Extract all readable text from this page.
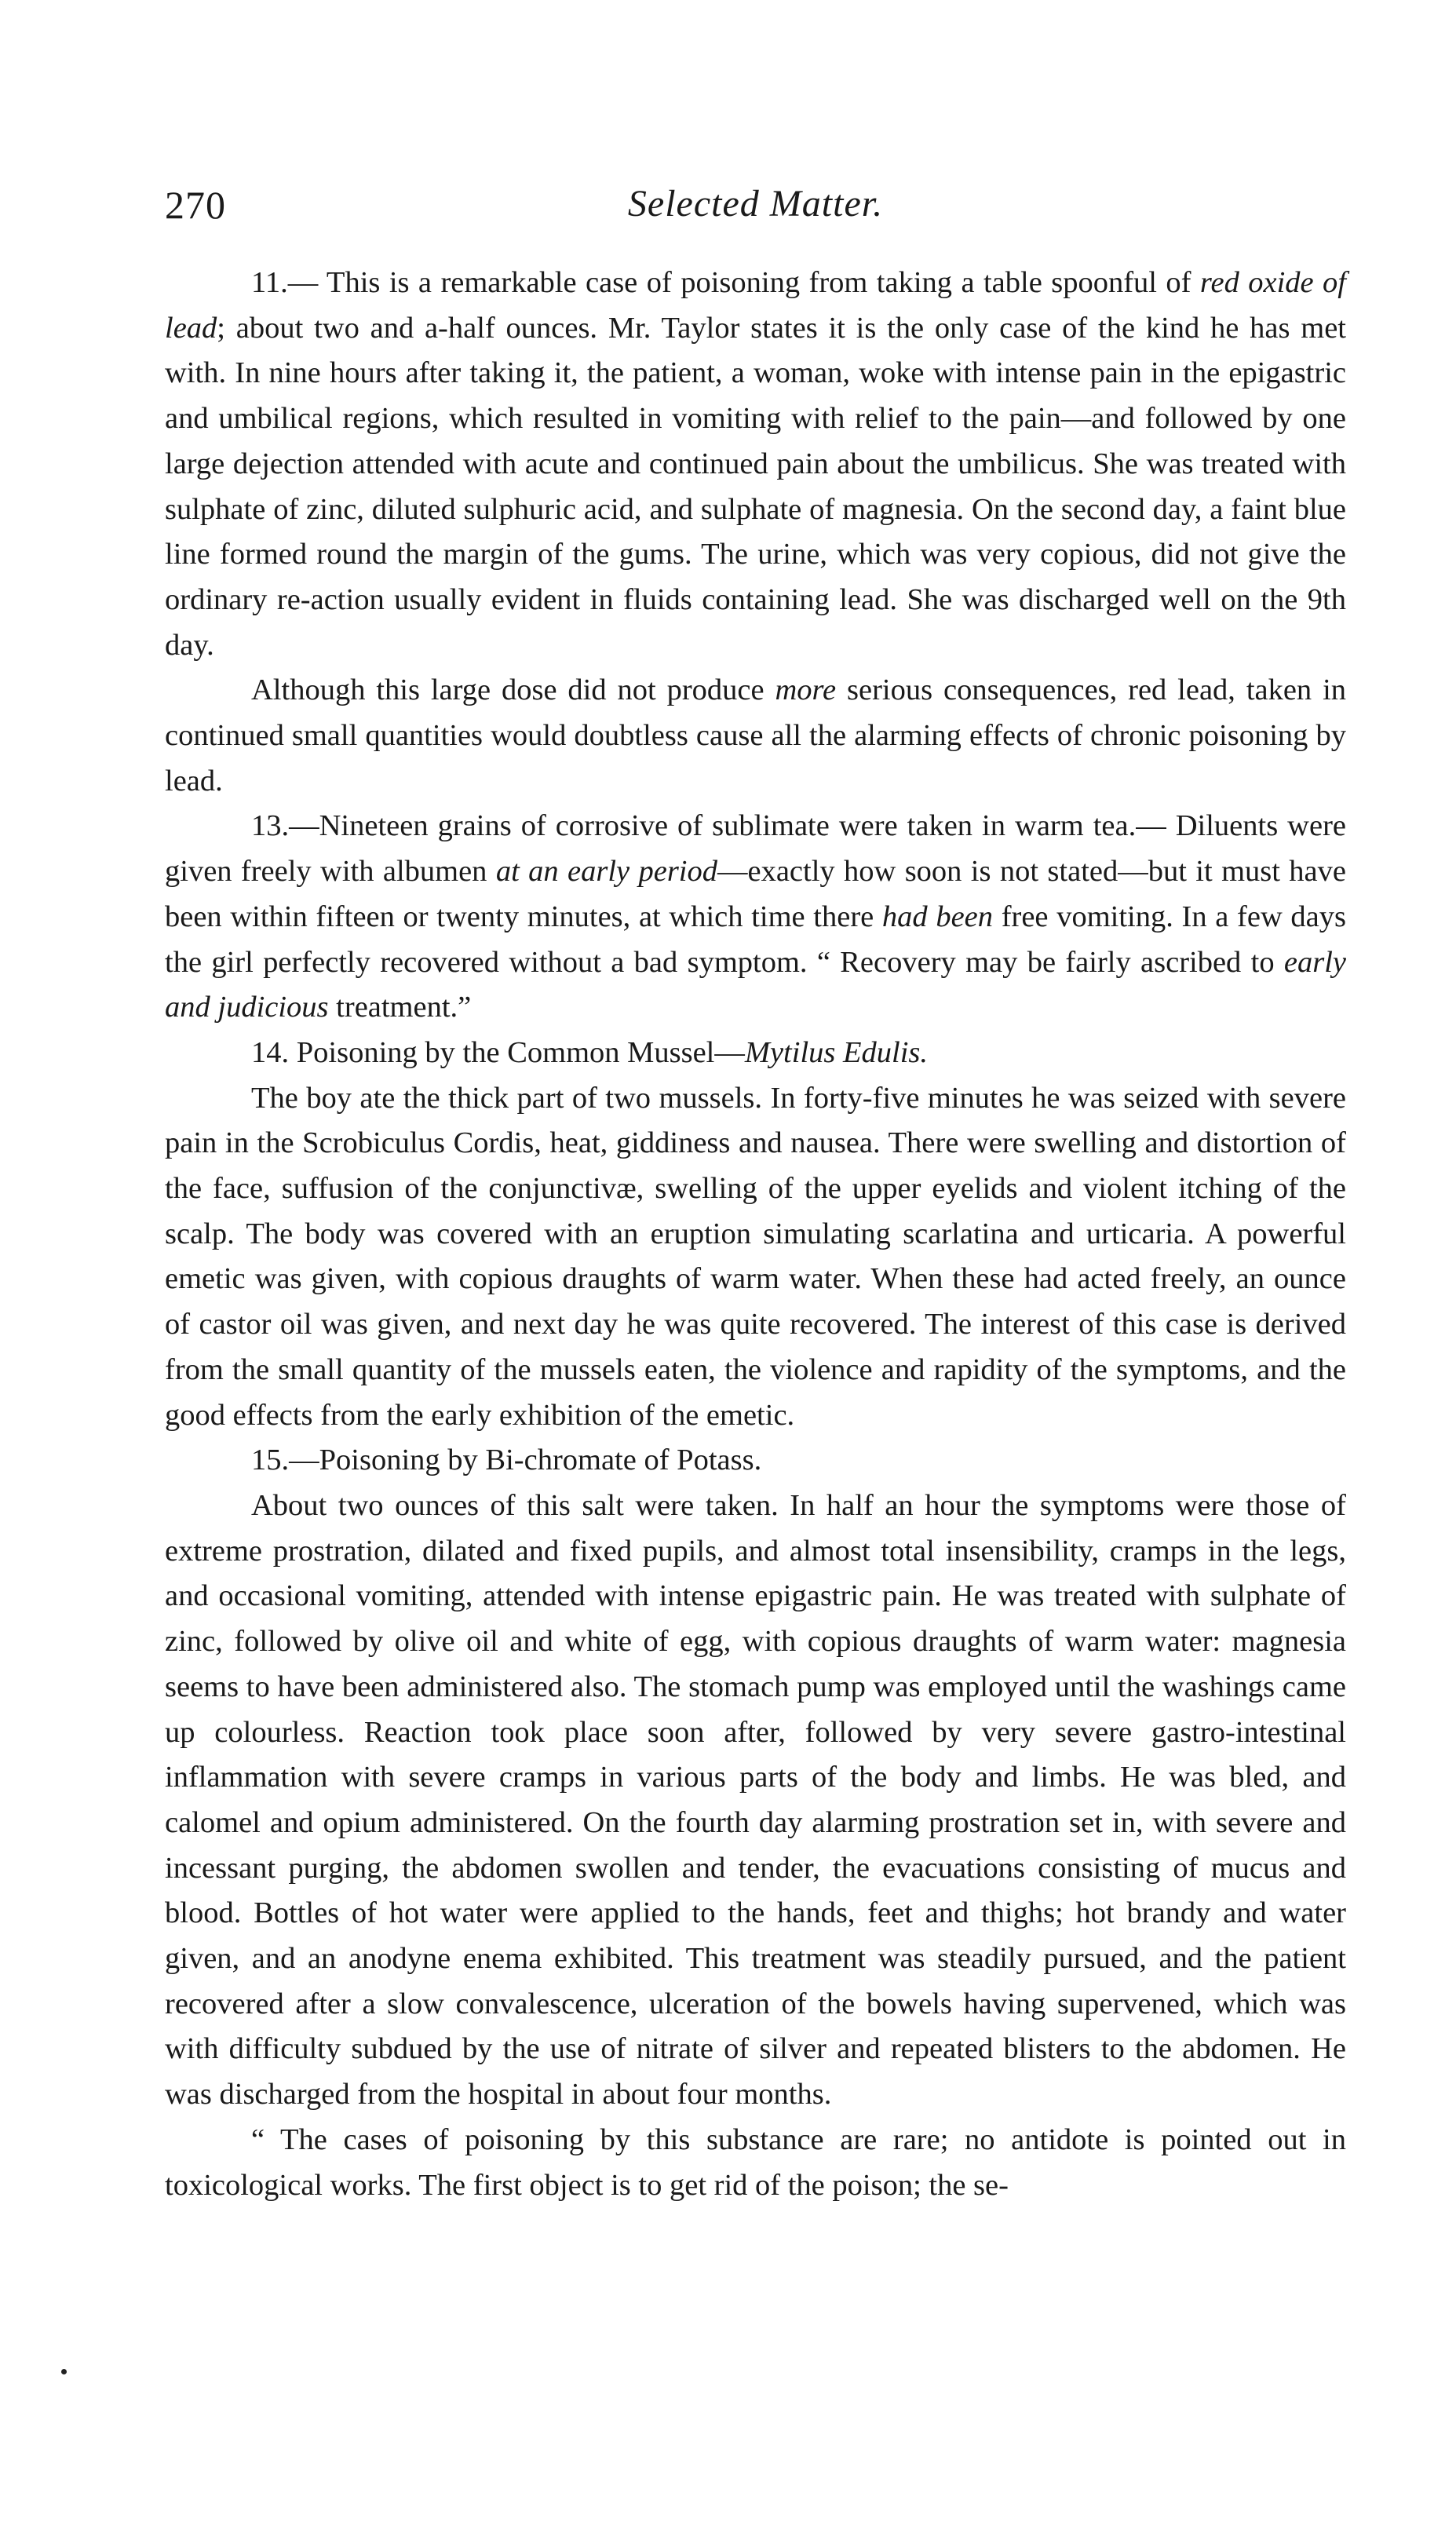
270	Selected Matter.

11.— This is a remarkable case of poisoning from taking a table spoonful of red oxide of lead; about two and a-half ounces. Mr. Taylor states it is the only case of the kind he has met with. In nine hours after taking it, the patient, a woman, woke with intense pain in the epigastric and umbilical regions, which resulted in vomiting with relief to the pain—and followed by one large dejection attended with acute and continued pain about the umbilicus. She was treated with sulphate of zinc, diluted sulphuric acid, and sulphate of magnesia. On the second day, a faint blue line formed round the margin of the gums. The urine, which was very copious, did not give the ordinary re-action usually evident in fluids containing lead. She was discharged well on the 9th day.

Although this large dose did not produce more serious consequences, red lead, taken in continued small quantities would doubtless cause all the alarming effects of chronic poisoning by lead.

13.—Nineteen grains of corrosive of sublimate were taken in warm tea.— Diluents were given freely with albumen at an early period—exactly how soon is not stated—but it must have been within fifteen or twenty minutes, at which time there had been free vomiting. In a few days the girl perfectly recovered without a bad symptom. “ Recovery may be fairly ascribed to early and judicious treatment.”

14. Poisoning by the Common Mussel—Mytilus Edulis.

The boy ate the thick part of two mussels. In forty-five minutes he was seized with severe pain in the Scrobiculus Cordis, heat, giddiness and nausea. There were swelling and distortion of the face, suffusion of the conjunctivæ, swelling of the upper eyelids and violent itching of the scalp. The body was covered with an eruption simulating scarlatina and urticaria. A powerful emetic was given, with copious draughts of warm water. When these had acted freely, an ounce of castor oil was given, and next day he was quite recovered. The interest of this case is derived from the small quantity of the mussels eaten, the violence and rapidity of the symptoms, and the good effects from the early exhibition of the emetic.

15.—Poisoning by Bi-chromate of Potass.

About two ounces of this salt were taken. In half an hour the symptoms were those of extreme prostration, dilated and fixed pupils, and almost total insensibility, cramps in the legs, and occasional vomiting, attended with intense epigastric pain. He was treated with sulphate of zinc, followed by olive oil and white of egg, with copious draughts of warm water: magnesia seems to have been administered also. The stomach pump was employed until the washings came up colourless. Reaction took place soon after, followed by very severe gastro-intestinal inflammation with severe cramps in various parts of the body and limbs. He was bled, and calomel and opium administered. On the fourth day alarming prostration set in, with severe and incessant purging, the abdomen swollen and tender, the evacuations consisting of mucus and blood. Bottles of hot water were applied to the hands, feet and thighs; hot brandy and water given, and an anodyne enema exhibited. This treatment was steadily pursued, and the patient recovered after a slow convalescence, ulceration of the bowels having supervened, which was with difficulty subdued by the use of nitrate of silver and repeated blisters to the abdomen. He was discharged from the hospital in about four months.

“ The cases of poisoning by this substance are rare; no antidote is pointed out in toxicological works. The first object is to get rid of the poison; the se-
